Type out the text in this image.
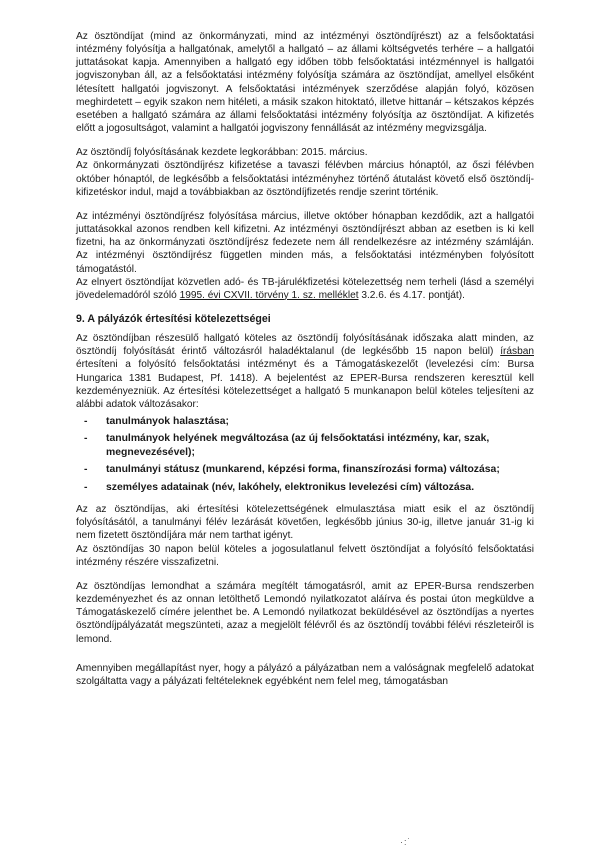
Az ösztöndíjat (mind az önkormányzati, mind az intézményi ösztöndíjrészt) az a felsőoktatási intézmény folyósítja a hallgatónak, amelytől a hallgató – az állami költségvetés terhére – a hallgatói juttatásokat kapja. Amennyiben a hallgató egy időben több felsőoktatási intézménnyel is hallgatói jogviszonyban áll, az a felsőoktatási intézmény folyósítja számára az ösztöndíjat, amellyel elsőként létesített hallgatói jogviszonyt. A felsőoktatási intézmények szerződése alapján folyó, közösen meghirdetett – egyik szakon nem hitéleti, a másik szakon hitoktató, illetve hittanár – kétszakos képzés esetében a hallgató számára az állami felsőoktatási intézmény folyósítja az ösztöndíjat. A kifizetés előtt a jogosultságot, valamint a hallgatói jogviszony fennállását az intézmény megvizsgálja.

Az ösztöndíj folyósításának kezdete legkorábban: 2015. március.

Az önkormányzati ösztöndíjrész kifizetése a tavaszi félévben március hónaptól, az őszi félévben október hónaptól, de legkésőbb a felsőoktatási intézményhez történő átutalást követő első ösztöndíj-kifizetéskor indul, majd a továbbiakban az ösztöndíjfizetés rendje szerint történik.

Az intézményi ösztöndíjrész folyósítása március, illetve október hónapban kezdődik, azt a hallgatói juttatásokkal azonos rendben kell kifizetni. Az intézményi ösztöndíjrészt abban az esetben is ki kell fizetni, ha az önkormányzati ösztöndíjrész fedezete nem áll rendelkezésre az intézmény számláján. Az intézményi ösztöndíjrész független minden más, a felsőoktatási intézményben folyósított támogatástól.

Az elnyert ösztöndíjat közvetlen adó- és TB-járulékfizetési kötelezettség nem terheli (lásd a személyi jövedelemadóról szóló 1995. évi CXVII. törvény 1. sz. melléklet 3.2.6. és 4.17. pontját).

9. A pályázók értesítési kötelezettségei

Az ösztöndíjban részesülő hallgató köteles az ösztöndíj folyósításának időszaka alatt minden, az ösztöndíj folyósítását érintő változásról haladéktalanul (de legkésőbb 15 napon belül) írásban értesíteni a folyósító felsőoktatási intézményt és a Támogatáskezelőt (levelezési cím: Bursa Hungarica 1381 Budapest, Pf. 1418). A bejelentést az EPER-Bursa rendszeren keresztül kell kezdeményezniük. Az értesítési kötelezettséget a hallgató 5 munkanapon belül köteles teljesíteni az alábbi adatok változásakor:

- tanulmányok halasztása;
- tanulmányok helyének megváltozása (az új felsőoktatási intézmény, kar, szak, megnevezésével);
- tanulmányi státusz (munkarend, képzési forma, finanszírozási forma) változása;
- személyes adatainak (név, lakóhely, elektronikus levelezési cím) változása.

Az az ösztöndíjas, aki értesítési kötelezettségének elmulasztása miatt esik el az ösztöndíj folyósításától, a tanulmányi félév lezárását követően, legkésőbb június 30-ig, illetve január 31-ig ki nem fizetett ösztöndíjára már nem tarthat igényt.

Az ösztöndíjas 30 napon belül köteles a jogosulatlanul felvett ösztöndíjat a folyósító felsőoktatási intézmény részére visszafizetni.

Az ösztöndíjas lemondhat a számára megítélt támogatásról, amit az EPER-Bursa rendszerben kezdeményezhet és az onnan letölthető Lemondó nyilatkozatot aláírva és postai úton megküldve a Támogatáskezelő címére jelenthet be. A Lemondó nyilatkozat beküldésével az ösztöndíjas a nyertes ösztöndíjpályázatát megszünteti, azaz a megjelölt félévről és az ösztöndíj további félévi részleteiről is lemond.

Amennyiben megállapítást nyer, hogy a pályázó a pályázatban nem a valóságnak megfelelő adatokat szolgáltatta vagy a pályázati feltételeknek egyébként nem felel meg, támogatásban

·:˙
